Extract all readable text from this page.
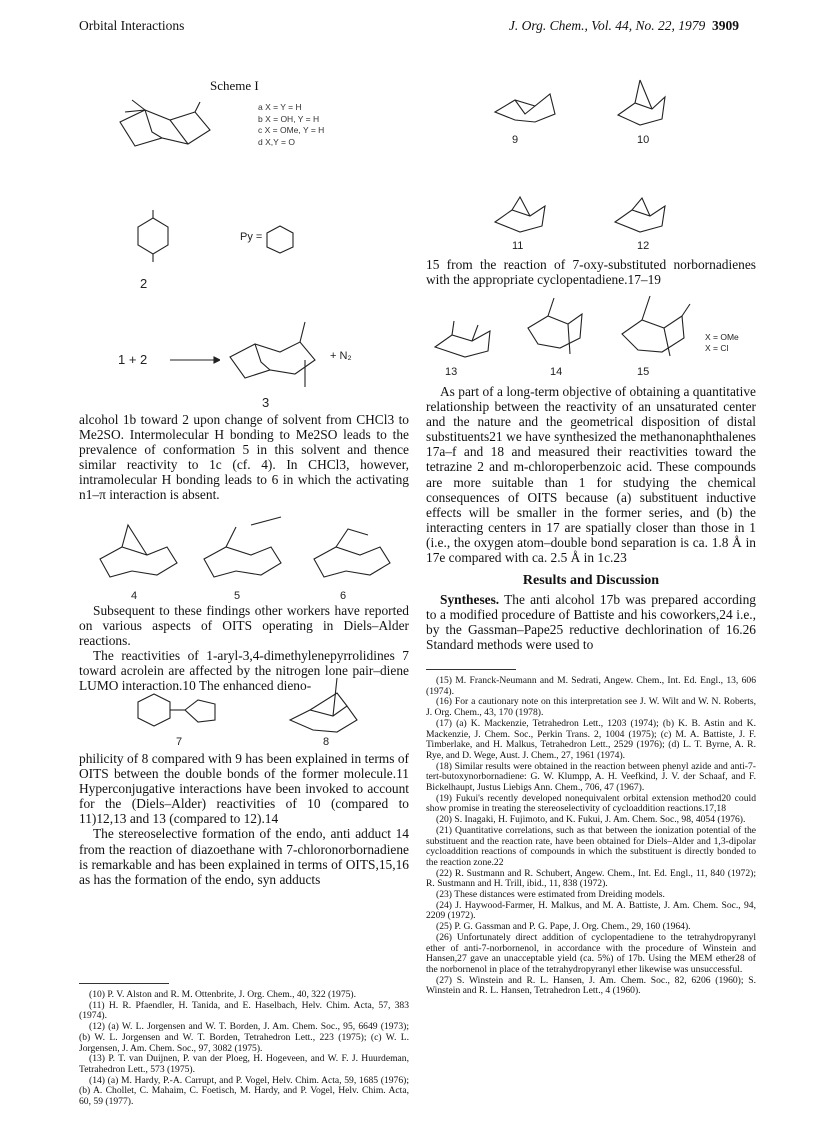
Orbital Interactions	J. Org. Chem., Vol. 44, No. 22, 1979 3909
Scheme I
a X = Y = H
b X = OH, Y = H
c X = OMe, Y = H
d X,Y = O
Py =
2
1 + 2 →	+ N₂
3

alcohol 1b toward 2 upon change of solvent from CHCl3 to Me2SO. Intermolecular H bonding to Me2SO leads to the prevalence of conformation 5 in this solvent and thence similar reactivity to 1c (cf. 4). In CHCl3, however, intramolecular H bonding leads to 6 in which the activating n1–π interaction is absent.

4	5	6

Subsequent to these findings other workers have reported on various aspects of OITS operating in Diels–Alder reactions.

The reactivities of 1-aryl-3,4-dimethylenepyrrolidines 7 toward acrolein are affected by the nitrogen lone pair–diene LUMO interaction.10 The enhanced dieno-

7	8

philicity of 8 compared with 9 has been explained in terms of OITS between the double bonds of the former molecule.11 Hyperconjugative interactions have been invoked to account for the (Diels–Alder) reactivities of 10 (compared to 11)12,13 and 13 (compared to 12).14

The stereoselective formation of the endo, anti adduct 14 from the reaction of diazoethane with 7-chloronorbornadiene is remarkable and has been explained in terms of OITS,15,16 as has the formation of the endo, syn adducts

(10) P. V. Alston and R. M. Ottenbrite, J. Org. Chem., 40, 322 (1975).
(11) H. R. Pfaendler, H. Tanida, and E. Haselbach, Helv. Chim. Acta, 57, 383 (1974).
(12) (a) W. L. Jorgensen and W. T. Borden, J. Am. Chem. Soc., 95, 6649 (1973); (b) W. L. Jorgensen and W. T. Borden, Tetrahedron Lett., 223 (1975); (c) W. L. Jorgensen, J. Am. Chem. Soc., 97, 3082 (1975).
(13) P. T. van Duijnen, P. van der Ploeg, H. Hogeveen, and W. F. J. Huurdeman, Tetrahedron Lett., 573 (1975).
(14) (a) M. Hardy, P.-A. Carrupt, and P. Vogel, Helv. Chim. Acta, 59, 1685 (1976); (b) A. Chollet, C. Mahaim, C. Foetisch, M. Hardy, and P. Vogel, Helv. Chim. Acta, 60, 59 (1977).
9	10
11	12

15 from the reaction of 7-oxy-substituted norbornadienes with the appropriate cyclopentadiene.17–19

X = OMe
X = Cl
13	14	15

As part of a long-term objective of obtaining a quantitative relationship between the reactivity of an unsaturated center and the nature and the geometrical disposition of distal substituents21 we have synthesized the methanonaphthalenes 17a–f and 18 and measured their reactivities toward the tetrazine 2 and m-chloroperbenzoic acid. These compounds are more suitable than 1 for studying the chemical consequences of OITS because (a) substituent inductive effects will be smaller in the former series, and (b) the interacting centers in 17 are spatially closer than those in 1 (i.e., the oxygen atom–double bond separation is ca. 1.8 Å in 17e compared with ca. 2.5 Å in 1c.23

Results and Discussion

Syntheses. The anti alcohol 17b was prepared according to a modified procedure of Battiste and his coworkers,24 i.e., by the Gassman–Pape25 reductive dechlorination of 16.26 Standard methods were used to

(15) M. Franck-Neumann and M. Sedrati, Angew. Chem., Int. Ed. Engl., 13, 606 (1974).
(16) For a cautionary note on this interpretation see J. W. Wilt and W. N. Roberts, J. Org. Chem., 43, 170 (1978).
(17) (a) K. Mackenzie, Tetrahedron Lett., 1203 (1974); (b) K. B. Astin and K. Mackenzie, J. Chem. Soc., Perkin Trans. 2, 1004 (1975); (c) M. A. Battiste, J. F. Timberlake, and H. Malkus, Tetrahedron Lett., 2529 (1976); (d) L. T. Byrne, A. R. Rye, and D. Wege, Aust. J. Chem., 27, 1961 (1974).
(18) Similar results were obtained in the reaction between phenyl azide and anti-7-tert-butoxynorbornadiene: G. W. Klumpp, A. H. Veefkind, J. V. der Schaaf, and F. Bickelhaupt, Justus Liebigs Ann. Chem., 706, 47 (1967).
(19) Fukui's recently developed nonequivalent orbital extension method20 could show promise in treating the stereoselectivity of cycloaddition reactions.17,18
(20) S. Inagaki, H. Fujimoto, and K. Fukui, J. Am. Chem. Soc., 98, 4054 (1976).
(21) Quantitative correlations, such as that between the ionization potential of the substituent and the reaction rate, have been obtained for Diels–Alder and 1,3-dipolar cycloaddition reactions of compounds in which the substituent is directly bonded to the reaction zone.22
(22) R. Sustmann and R. Schubert, Angew. Chem., Int. Ed. Engl., 11, 840 (1972); R. Sustmann and H. Trill, ibid., 11, 838 (1972).
(23) These distances were estimated from Dreiding models.
(24) J. Haywood-Farmer, H. Malkus, and M. A. Battiste, J. Am. Chem. Soc., 94, 2209 (1972).
(25) P. G. Gassman and P. G. Pape, J. Org. Chem., 29, 160 (1964).
(26) Unfortunately direct addition of cyclopentadiene to the tetrahydropyranyl ether of anti-7-norbornenol, in accordance with the procedure of Winstein and Hansen,27 gave an unacceptable yield (ca. 5%) of 17b. Using the MEM ether28 of the norbornenol in place of the tetrahydropyranyl ether likewise was unsuccessful.
(27) S. Winstein and R. L. Hansen, J. Am. Chem. Soc., 82, 6206 (1960); S. Winstein and R. L. Hansen, Tetrahedron Lett., 4 (1960).
